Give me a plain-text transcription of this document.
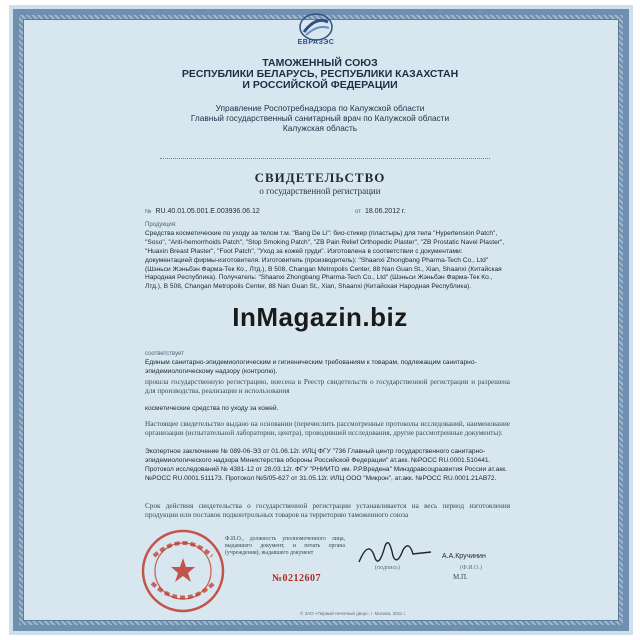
ЕВРАЗЭС
ТАМОЖЕННЫЙ СОЮЗ
РЕСПУБЛИКИ БЕЛАРУСЬ, РЕСПУБЛИКИ КАЗАХСТАН
И РОССИЙСКОЙ ФЕДЕРАЦИИ
Управление Роспотребнадзора по Калужской области
Главный государственный санитарный врач по Калужской области
Калужская область
СВИДЕТЕЛЬСТВО
о государственной регистрации
№ RU.40.01.05.001.Е.003936.06.12	от 18.06.2012 г.
Продукция:
Средства косметические по уходу за телом т.м. "Bang De Li": био-стикер (пластырь) для тела "Hypertension Patch", "Soso", "Anti-hemorrhoids Patch", "Stop Smoking Patch", "ZB Pain Relief Orthopedic Plaster", "ZB Prostatic Navel Plaster", "Huaxin Breast Plaster", "Foot Patch", "Уход за кожей груди". Изготовлена в соответствии с документами: документацией фирмы-изготовителя. Изготовитель (производитель): "Shaanxi Zhongbang Pharma-Tech Co., Ltd" (Шэньси Жэньбэн Фарма-Тек Ко., Лтд.), В 508, Changan Metropolis Center, 88 Nan Guan St., Xian, Shaanxi (Китайская Народная Республика). Получатель: "Shaanxi Zhongbang Pharma-Tech Co., Ltd" (Шэньси Жэньбэн Фарма-Тек Ко., Лтд.), В 508, Changan Metropolis Center, 88 Nan Guan St., Xian, Shaanxi (Китайская Народная Республика).
InMagazin.biz
соответствует
Единым санитарно-эпидемиологическим и гигиеническим требованиям к товарам, подлежащим санитарно-эпидемиологическому надзору (контролю).
прошла государственную регистрацию, внесена в Реестр свидетельств о государственной регистрации и разрешена для производства, реализации и использования
косметические средства по уходу за кожей.
Настоящее свидетельство выдано на основании (перечислить рассмотренные протоколы исследований, наименование организации (испытательной лаборатории, центра), проводившей исследования, другие рассмотренные документы):
Экспертное заключение № 089-06-ЭЗ от 01.06.12г. ИЛЦ ФГУ "736 Главный центр государственного санитарно-эпидемиологического надзора Министерства обороны Российской Федерации" ат.акк. №РОСС RU.0001.510441. Протокол исследований № 4381-12 от 28.03.12г. ФГУ "РНИИТО им. Р.Р.Вредена" Минздравсоцразвития России ат.акк. №РОСС RU.0001.511173. Протокол №5/05-627 от 31.05.12г. ИЛЦ ООО "Микрон", ат.акк. №РОСС RU.0001.21АВ72.
Срок действия свидетельства о государственной регистрации устанавливается на весь период изготовления продукции или поставок подконтрольных товаров на территорию таможенного союза
Ф.И.О., должность уполномоченного лица, выдавшего документ, и печать органа (учреждения), выдавшего документ	А.А.Кручинин
(подпись)	(Ф.И.О.)
№0212607	М.П.
© ЗАО «Первый печатный двор», г. Москва, 2011 г.
